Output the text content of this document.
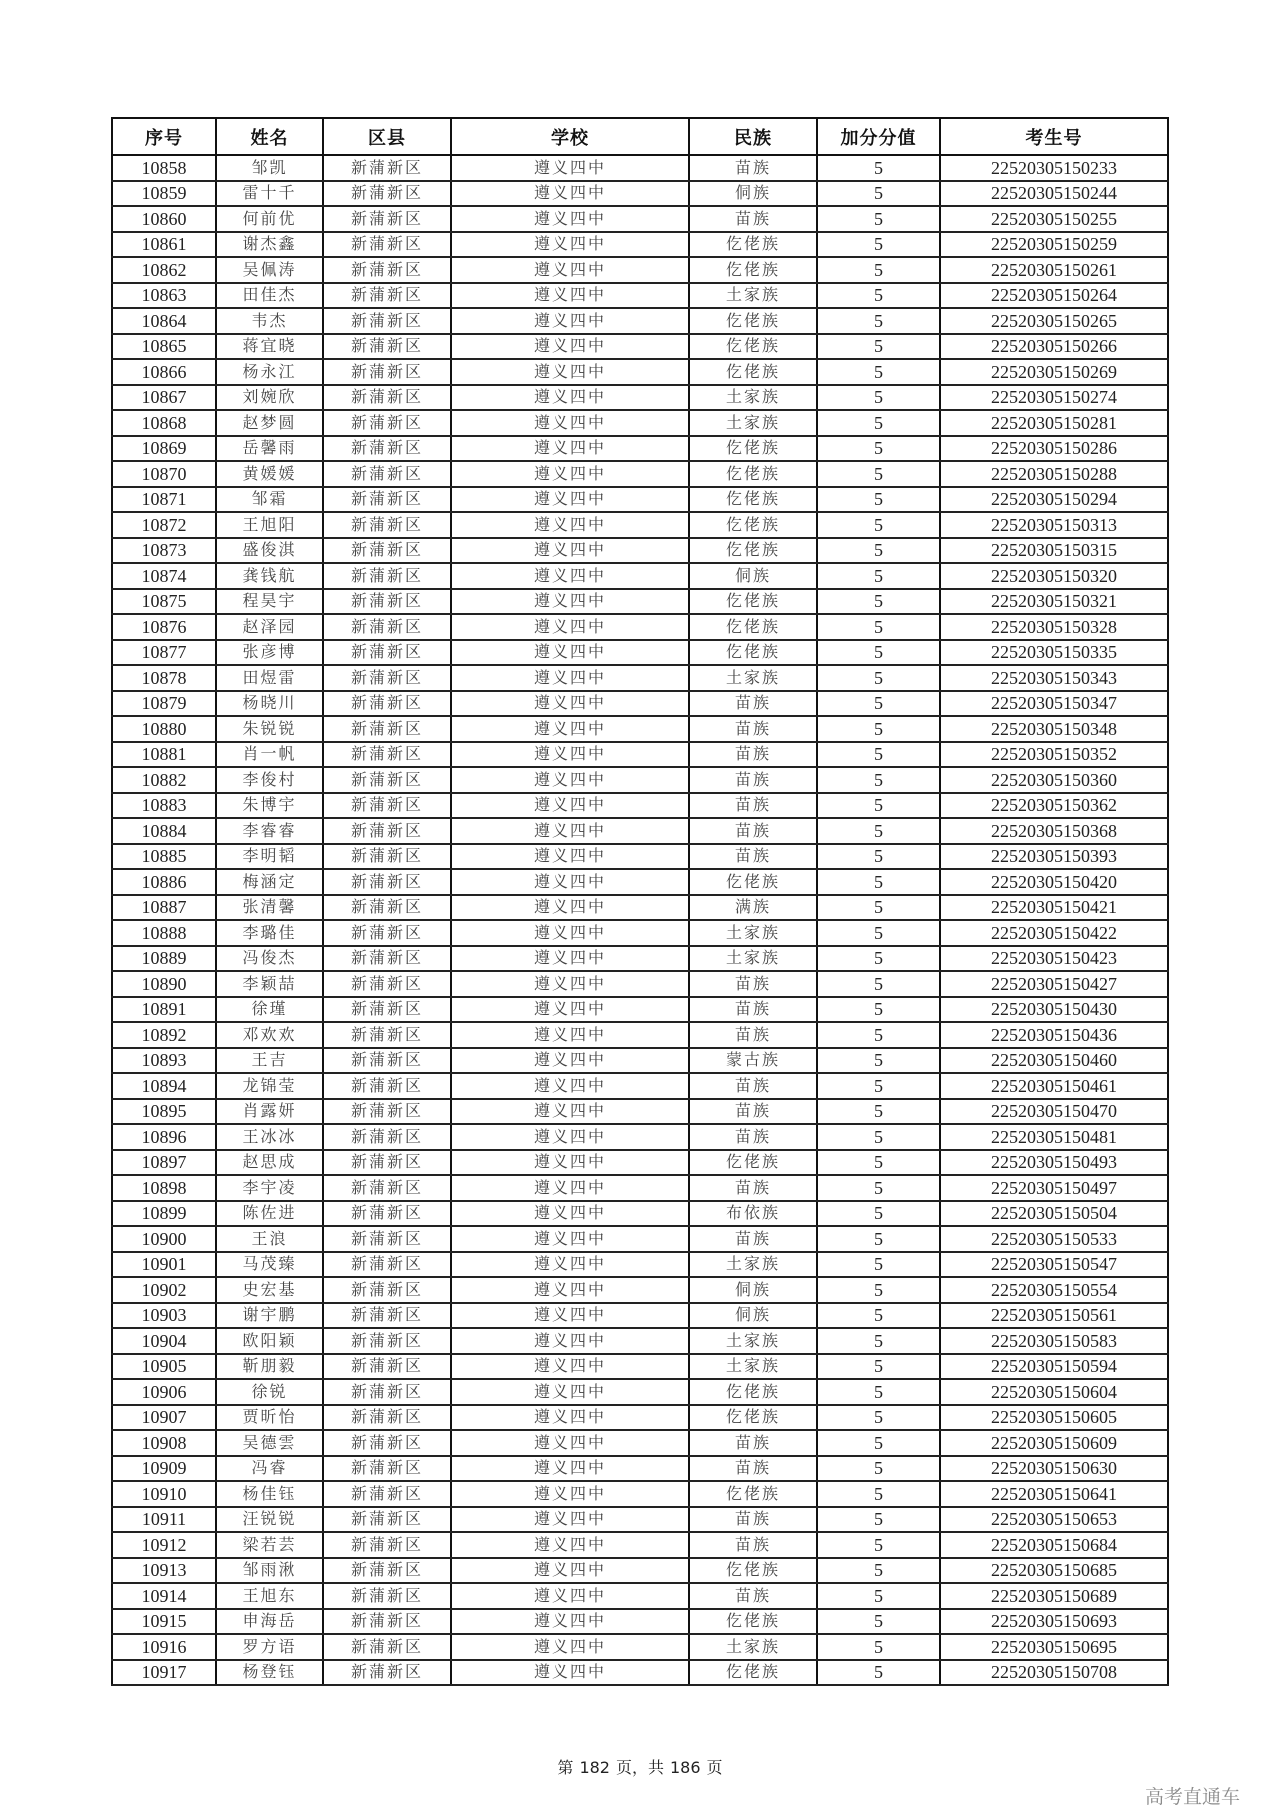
序号	姓名	区县	学校	民族	加分分值	考生号
10858	邹凯	新蒲新区	遵义四中	苗族	5	22520305150233
10859	雷十千	新蒲新区	遵义四中	侗族	5	22520305150244
10860	何前优	新蒲新区	遵义四中	苗族	5	22520305150255
10861	谢杰鑫	新蒲新区	遵义四中	仡佬族	5	22520305150259
10862	吴佩涛	新蒲新区	遵义四中	仡佬族	5	22520305150261
10863	田佳杰	新蒲新区	遵义四中	土家族	5	22520305150264
10864	韦杰	新蒲新区	遵义四中	仡佬族	5	22520305150265
10865	蒋宜晓	新蒲新区	遵义四中	仡佬族	5	22520305150266
10866	杨永江	新蒲新区	遵义四中	仡佬族	5	22520305150269
10867	刘婉欣	新蒲新区	遵义四中	土家族	5	22520305150274
10868	赵梦圆	新蒲新区	遵义四中	土家族	5	22520305150281
10869	岳馨雨	新蒲新区	遵义四中	仡佬族	5	22520305150286
10870	黄媛媛	新蒲新区	遵义四中	仡佬族	5	22520305150288
10871	邹霜	新蒲新区	遵义四中	仡佬族	5	22520305150294
10872	王旭阳	新蒲新区	遵义四中	仡佬族	5	22520305150313
10873	盛俊淇	新蒲新区	遵义四中	仡佬族	5	22520305150315
10874	龚钱航	新蒲新区	遵义四中	侗族	5	22520305150320
10875	程昊宇	新蒲新区	遵义四中	仡佬族	5	22520305150321
10876	赵泽园	新蒲新区	遵义四中	仡佬族	5	22520305150328
10877	张彦博	新蒲新区	遵义四中	仡佬族	5	22520305150335
10878	田煜雷	新蒲新区	遵义四中	土家族	5	22520305150343
10879	杨晓川	新蒲新区	遵义四中	苗族	5	22520305150347
10880	朱锐锐	新蒲新区	遵义四中	苗族	5	22520305150348
10881	肖一帆	新蒲新区	遵义四中	苗族	5	22520305150352
10882	李俊村	新蒲新区	遵义四中	苗族	5	22520305150360
10883	朱博宇	新蒲新区	遵义四中	苗族	5	22520305150362
10884	李睿睿	新蒲新区	遵义四中	苗族	5	22520305150368
10885	李明韬	新蒲新区	遵义四中	苗族	5	22520305150393
10886	梅涵定	新蒲新区	遵义四中	仡佬族	5	22520305150420
10887	张清馨	新蒲新区	遵义四中	满族	5	22520305150421
10888	李璐佳	新蒲新区	遵义四中	土家族	5	22520305150422
10889	冯俊杰	新蒲新区	遵义四中	土家族	5	22520305150423
10890	李颖喆	新蒲新区	遵义四中	苗族	5	22520305150427
10891	徐瑾	新蒲新区	遵义四中	苗族	5	22520305150430
10892	邓欢欢	新蒲新区	遵义四中	苗族	5	22520305150436
10893	王吉	新蒲新区	遵义四中	蒙古族	5	22520305150460
10894	龙锦莹	新蒲新区	遵义四中	苗族	5	22520305150461
10895	肖露妍	新蒲新区	遵义四中	苗族	5	22520305150470
10896	王冰冰	新蒲新区	遵义四中	苗族	5	22520305150481
10897	赵思成	新蒲新区	遵义四中	仡佬族	5	22520305150493
10898	李宇凌	新蒲新区	遵义四中	苗族	5	22520305150497
10899	陈佐进	新蒲新区	遵义四中	布依族	5	22520305150504
10900	王浪	新蒲新区	遵义四中	苗族	5	22520305150533
10901	马茂臻	新蒲新区	遵义四中	土家族	5	22520305150547
10902	史宏基	新蒲新区	遵义四中	侗族	5	22520305150554
10903	谢宇鹏	新蒲新区	遵义四中	侗族	5	22520305150561
10904	欧阳颖	新蒲新区	遵义四中	土家族	5	22520305150583
10905	靳朋毅	新蒲新区	遵义四中	土家族	5	22520305150594
10906	徐锐	新蒲新区	遵义四中	仡佬族	5	22520305150604
10907	贾昕怡	新蒲新区	遵义四中	仡佬族	5	22520305150605
10908	吴德雲	新蒲新区	遵义四中	苗族	5	22520305150609
10909	冯睿	新蒲新区	遵义四中	苗族	5	22520305150630
10910	杨佳钰	新蒲新区	遵义四中	仡佬族	5	22520305150641
10911	汪锐锐	新蒲新区	遵义四中	苗族	5	22520305150653
10912	梁若芸	新蒲新区	遵义四中	苗族	5	22520305150684
10913	邹雨湫	新蒲新区	遵义四中	仡佬族	5	22520305150685
10914	王旭东	新蒲新区	遵义四中	苗族	5	22520305150689
10915	申海岳	新蒲新区	遵义四中	仡佬族	5	22520305150693
10916	罗方语	新蒲新区	遵义四中	土家族	5	22520305150695
10917	杨登钰	新蒲新区	遵义四中	仡佬族	5	22520305150708
第 182 页，共 186 页
高考直通车
